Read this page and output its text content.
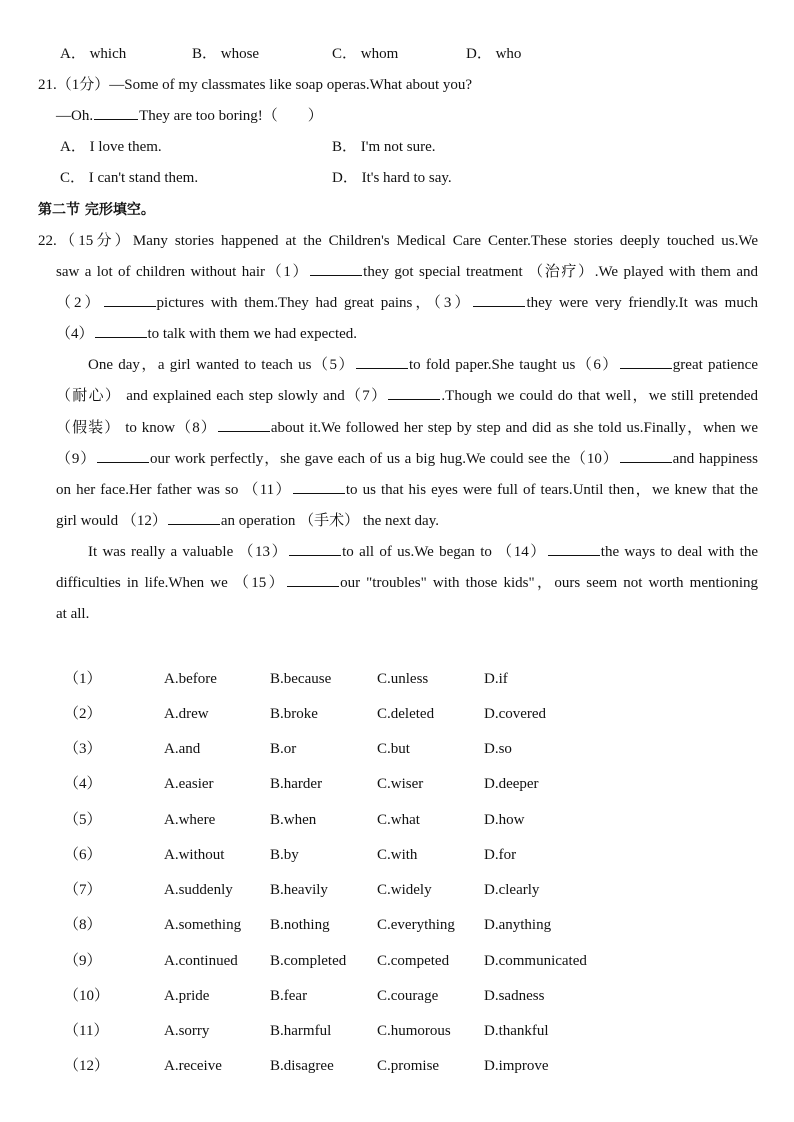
A． which	B． whose	C． whom	D． who
21.（1分）—Some of my classmates like soap operas.What about you?
—Oh.	They are too boring!（　　）
A． I love them.	B． I'm not sure.
C． I can't stand them.	D． It's hard to say.
第二节 完形填空。
22.（15分）Many stories happened at the Children's Medical Care Center.These stories deeply touched us.We
saw a lot of children without hair（1）	they got special treatment （治疗）.We played with them and
（2）	pictures with them.They had great pains，（3）	they were very friendly.It was much
（4）	to talk with them we had expected.
One day，a girl wanted to teach us（5）	to fold paper.She taught us（6）	great patience
（耐心） and explained each step slowly and（7）	.Though we could do that well，we still pretended
（假装） to know（8）	about it.We followed her step by step and did as she told us.Finally，when we
（9）	our work perfectly，she gave each of us a big hug.We could see the（10）	and happiness
on her face.Her father was so （11）	to us that his eyes were full of tears.Until then，we knew that the
girl would （12）	an operation （手术） the next day.
It was really a valuable （13）	to all of us.We began to （14）	the ways to deal with the
difficulties in life.When we （15）	our "troubles" with those kids"，ours seem not worth mentioning
at all.
（1）	A.before	B.because	C.unless	D.if
（2）	A.drew	B.broke	C.deleted	D.covered
（3）	A.and	B.or	C.but	D.so
（4）	A.easier	B.harder	C.wiser	D.deeper
（5）	A.where	B.when	C.what	D.how
（6）	A.without	B.by	C.with	D.for
（7）	A.suddenly B.heavily	C.widely	D.clearly
（8）	A.something B.nothing	C.everything D.anything
（9）	A.continued B.completed C.competed D.communicated
（10）	A.pride	B.fear	C.courage	D.sadness
（11）	A.sorry	B.harmful	C.humorous D.thankful
（12）	A.receive	B.disagree	C.promise	D.improve
